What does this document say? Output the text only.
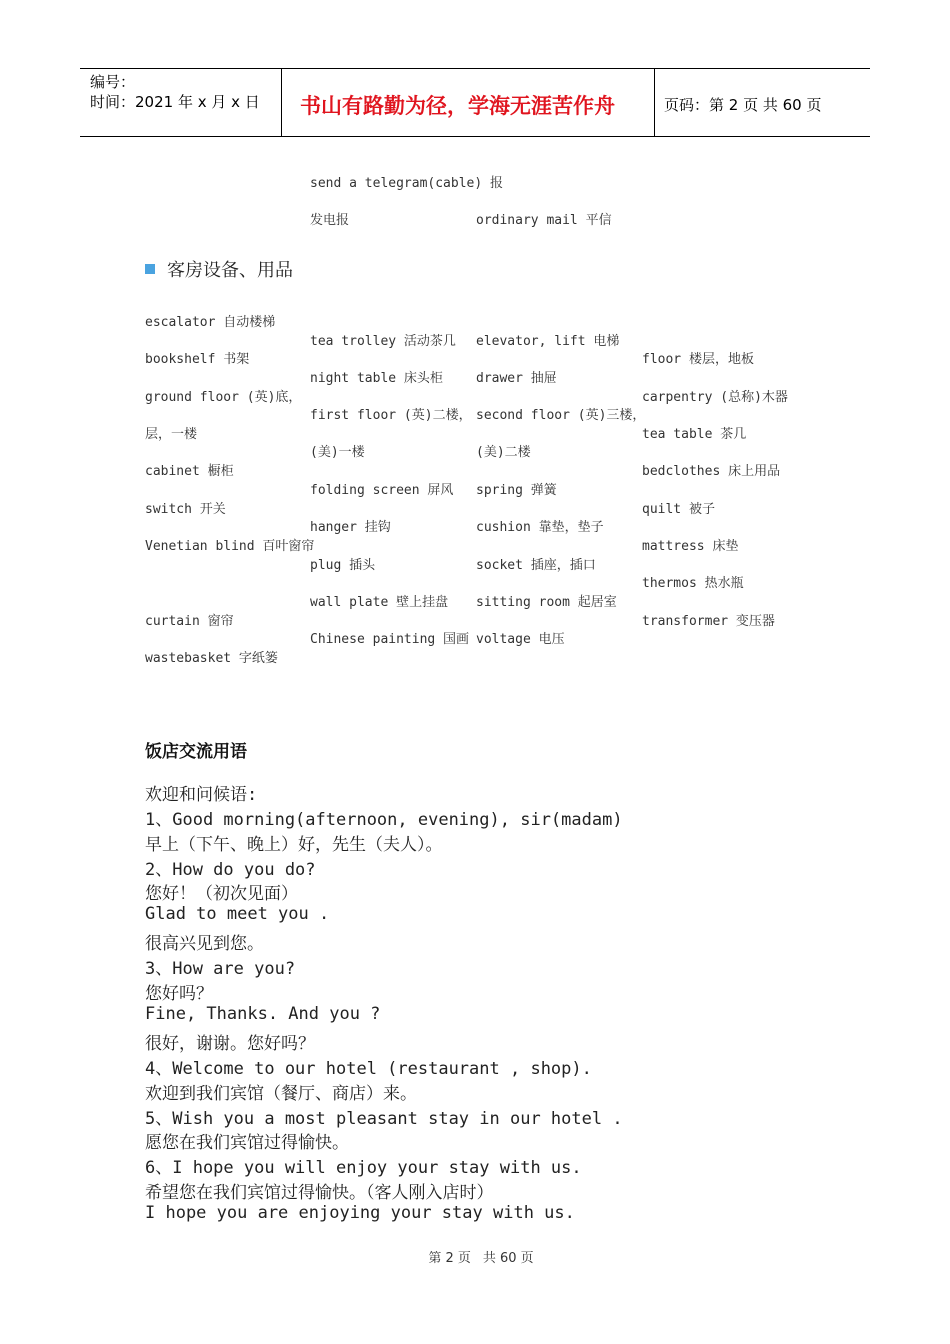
编号：
时间：2021 年 x 月 x 日 书山有路勤为径，学海无涯苦作舟	页码：第 2 页 共 60 页
send a telegram(cable) 报
发电报	ordinary mail 平信
客房设备、用品
escalator 自动楼梯
bookshelf 书架
ground floor (英)底，
层，一楼
cabinet 橱柜
switch 开关
Venetian blind 百叶窗帘
curtain 窗帘
wastebasket 字纸篓
tea trolley 活动茶几
night table 床头柜
first floor (英)二楼，
(美)一楼
folding screen 屏风
hanger 挂钩
plug 插头
wall plate 壁上挂盘
Chinese painting 国画
elevator, lift 电梯
drawer 抽屉
second floor (英)三楼，
(美)二楼
spring 弹簧
cushion 靠垫，垫子
socket 插座，插口
sitting room 起居室
voltage 电压
floor 楼层，地板
carpentry (总称)木器
tea table 茶几
bedclothes 床上用品
quilt 被子
mattress 床垫
thermos 热水瓶
transformer 变压器
饭店交流用语
欢迎和问候语:
1、Good morning(afternoon, evening), sir(madam)
早上（下午、晚上）好，先生（夫人）。
2、How do you do?
您好！（初次见面）
Glad to meet you .
很高兴见到您。
3、How are you?
您好吗？
Fine, Thanks. And you ?
很好，谢谢。您好吗？
4、Welcome to our hotel (restaurant , shop).
欢迎到我们宾馆（餐厅、商店）来。
5、Wish you a most pleasant stay in our hotel .
愿您在我们宾馆过得愉快。
6、I hope you will enjoy your stay with us.
希望您在我们宾馆过得愉快。（客人刚入店时）
I hope you are enjoying your stay with us.
第 2 页 共 60 页
